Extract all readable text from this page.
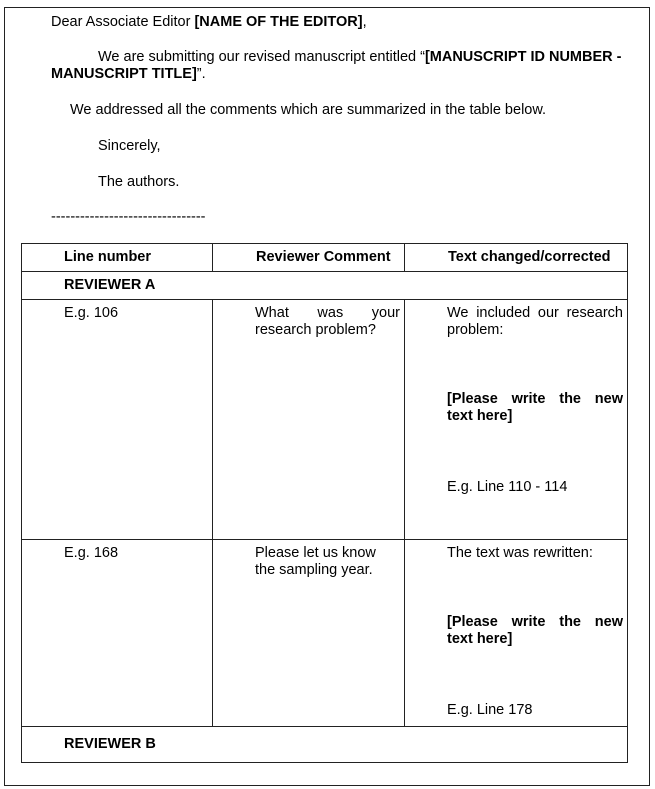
Dear Associate Editor [NAME OF THE EDITOR],
We are submitting our revised manuscript entitled “[MANUSCRIPT ID NUMBER -
MANUSCRIPT TITLE]”.
We addressed all the comments which are summarized in the table below.
Sincerely,
The authors.
--------------------------------
Line number	Reviewer Comment	Text changed/corrected
REVIEWER A		

E.g. 106	What was your research problem?	We included our research problem:
[Please write the new text here]
E.g. Line 110 - 114

E.g. 168	Please let us know the sampling year.	The text was rewritten:
[Please write the new text here]
E.g. Line 178

REVIEWER B		
